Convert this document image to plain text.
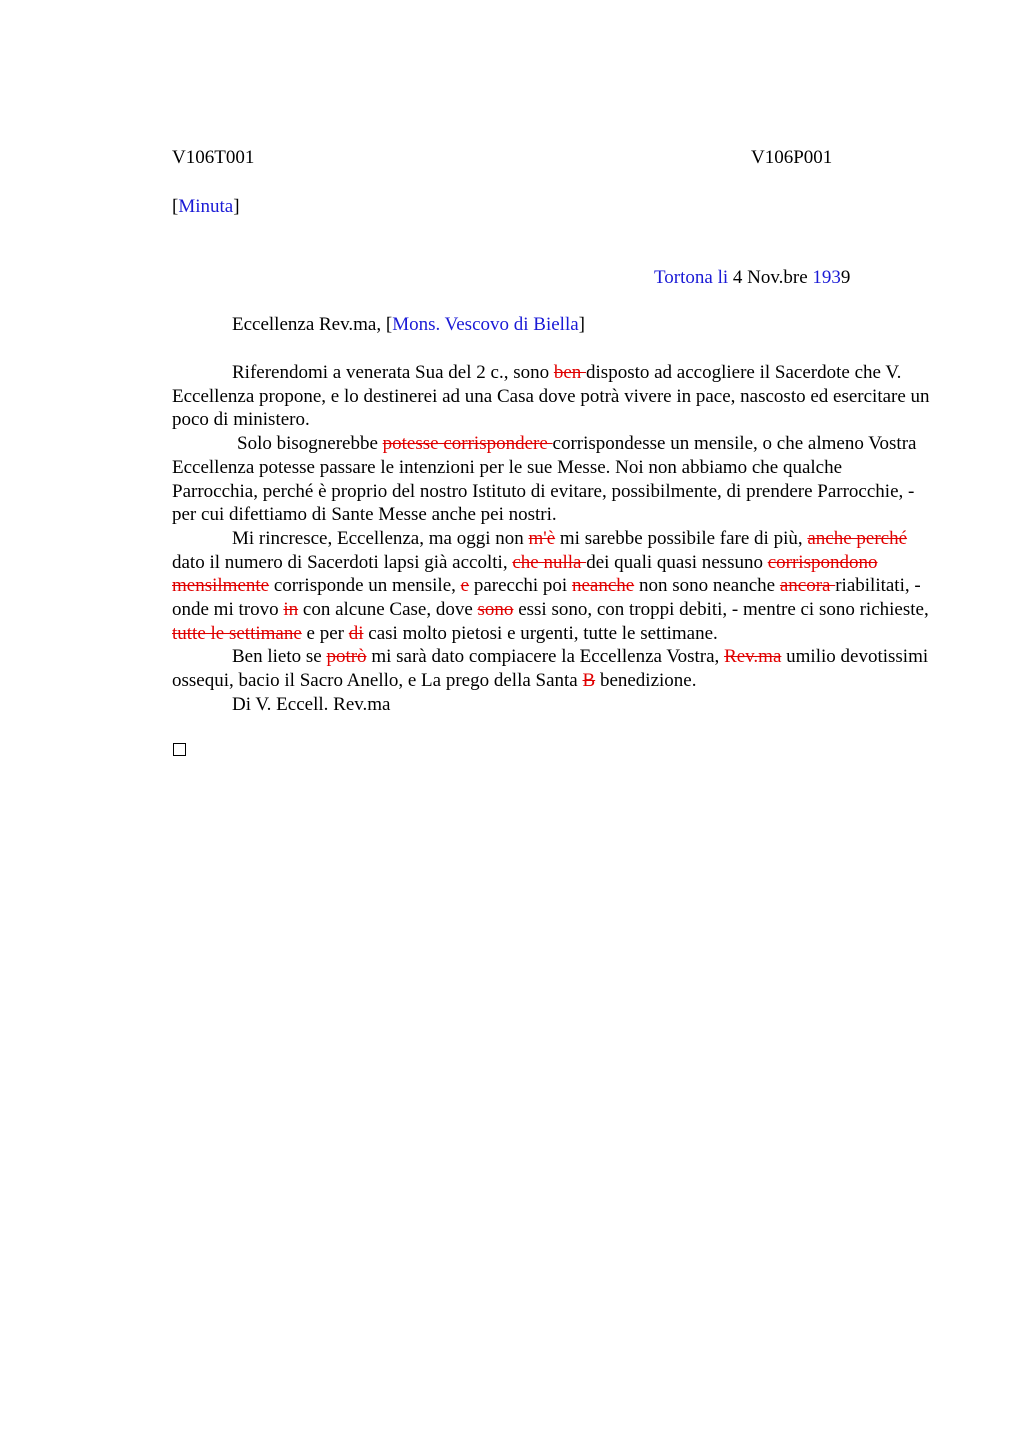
V106T001	V106P001
[Minuta]
Tortona li 4 Nov.bre 1939
Eccellenza Rev.ma, [Mons. Vescovo di Biella]

Riferendomi a venerata Sua del 2 c., sono ben disposto ad accogliere il Sacerdote che V. Eccellenza propone, e lo destinerei ad una Casa dove potrà vivere in pace, nascosto ed esercitare un poco di ministero.

Solo bisognerebbe potesse corrispondere corrispondesse un mensile, o che almeno Vostra Eccellenza potesse passare le intenzioni per le sue Messe. Noi non abbiamo che qualche Parrocchia, perché è proprio del nostro Istituto di evitare, possibilmente, di prendere Parrocchie, - per cui difettiamo di Sante Messe anche pei nostri.

Mi rincresce, Eccellenza, ma oggi non m'è mi sarebbe possibile fare di più, anche perché dato il numero di Sacerdoti lapsi già accolti, che nulla dei quali quasi nessuno corrispondono mensilmente corrisponde un mensile, e parecchi poi neanche non sono neanche ancora riabilitati, - onde mi trovo in con alcune Case, dove sono essi sono, con troppi debiti, - mentre ci sono richieste, tutte le settimane e per di casi molto pietosi e urgenti, tutte le settimane.

Ben lieto se potrò mi sarà dato compiacere la Eccellenza Vostra, Rev.ma umilio devotissimi ossequi, bacio il Sacro Anello, e La prego della Santa B benedizione.

Di V. Eccell. Rev.ma
